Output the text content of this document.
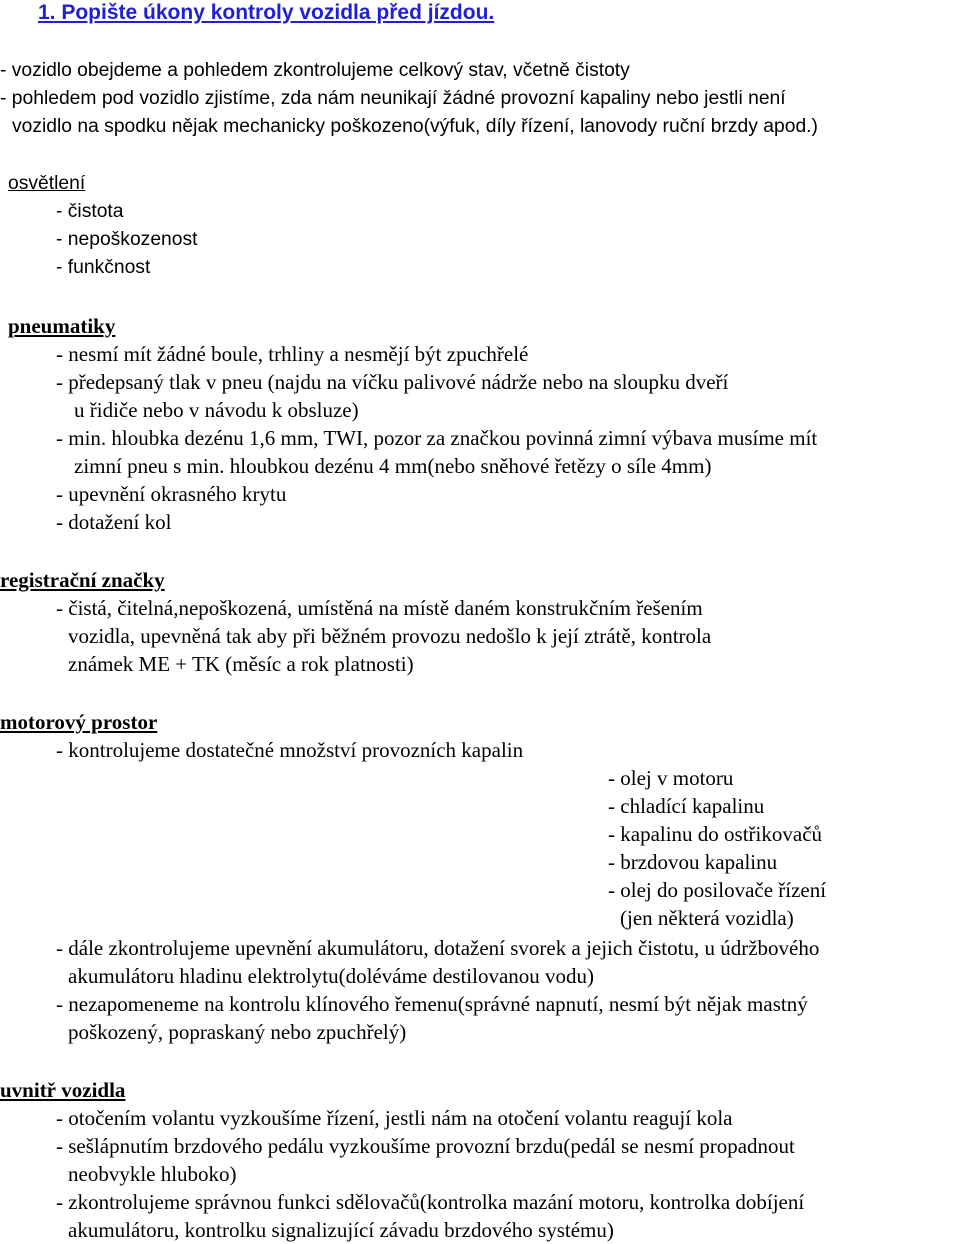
1. Popište úkony kontroly vozidla před jízdou.
- vozidlo obejdeme a pohledem zkontrolujeme celkový stav, včetně čistoty
- pohledem pod vozidlo zjistíme, zda nám neunikají žádné provozní kapaliny nebo jestli není
vozidlo na spodku nějak mechanicky poškozeno(výfuk, díly řízení, lanovody ruční brzdy apod.)
osvětlení
- čistota
- nepoškozenost
- funkčnost
pneumatiky
- nesmí mít žádné boule, trhliny a nesmějí být zpuchřelé
- předepsaný tlak v pneu (najdu na víčku palivové nádrže nebo na sloupku dveří
u řidiče nebo v návodu k obsluze)
- min. hloubka dezénu 1,6 mm, TWI, pozor za značkou povinná zimní výbava musíme mít
zimní pneu s min. hloubkou dezénu 4 mm(nebo sněhové řetězy o síle 4mm)
- upevnění okrasného krytu
- dotažení kol
registrační značky
- čistá, čitelná,nepoškozená, umístěná na místě daném konstrukčním řešením
vozidla, upevněná tak aby při běžném provozu nedošlo k její ztrátě, kontrola
známek ME + TK (měsíc a rok platnosti)
motorový prostor
- kontrolujeme dostatečné množství provozních kapalin
- olej v motoru
- chladící kapalinu
- kapalinu do ostřikovačů
- brzdovou kapalinu
- olej do posilovače řízení
(jen některá vozidla)
- dále zkontrolujeme upevnění akumulátoru, dotažení svorek a jejich čistotu, u údržbového
akumulátoru hladinu elektrolytu(doléváme destilovanou vodu)
- nezapomeneme na kontrolu klínového řemenu(správné napnutí, nesmí být nějak mastný
poškozený, popraskaný nebo zpuchřelý)
uvnitř vozidla
- otočením volantu vyzkoušíme řízení, jestli nám na otočení volantu reagují kola
- sešlápnutím brzdového pedálu vyzkoušíme provozní brzdu(pedál se nesmí propadnout
neobvykle hluboko)
- zkontrolujeme správnou funkci sdělovačů(kontrolka mazání motoru, kontrolka dobíjení
akumulátoru, kontrolku signalizující závadu brzdového systému)
